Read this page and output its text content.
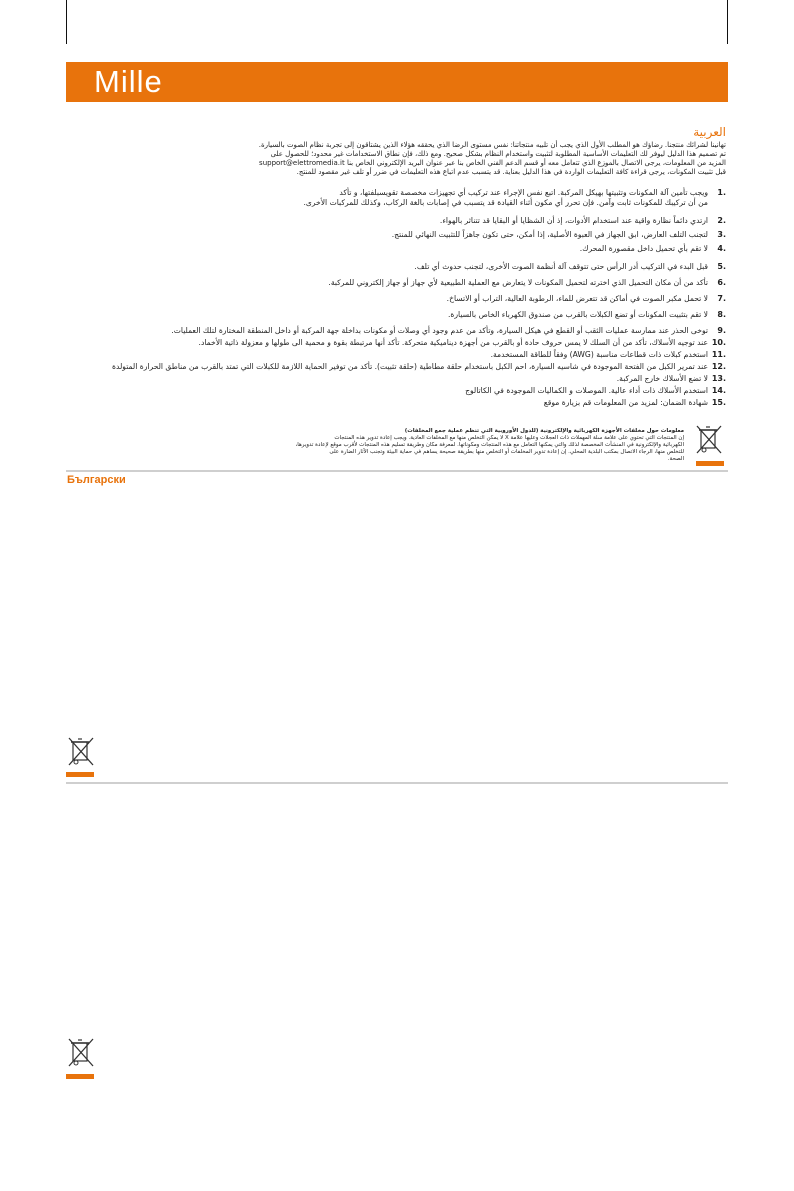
Mille
العربية
تهانينا لشرائك منتجنا. رضاؤك هو المطلب الأول الذي يجب أن تلبيه منتجاتنا: نفس مستوى الرضا الذي يحققه هؤلاء الذين يشتاقون إلى تجربة نظام الصوت بالسيارة.
تم تصميم هذا الدليل ليوفر لك التعليمات الأساسية المطلوبة لتثبيت واستخدام النظام بشكل صحيح. ومع ذلك، فإن نطاق الاستخدامات غير محدود؛ للحصول على
المزيد من المعلومات، يرجى الاتصال بالموزع الذي تتعامل معه أو قسم الدعم الفني الخاص بنا عبر عنوان البريد الإلكتروني الخاص بنا support@elettromedia.it
قبل تثبيت المكونات، يرجى قراءة كافة التعليمات الواردة في هذا الدليل بعناية. قد يتسبب عدم اتباع هذه التعليمات في ضرر أو تلف غير مقصود للمنتج.
1.
ويجب تأمين آلة المكونات وتثبيتها بهيكل المركبة. اتبع نفس الإجراء عند تركيب أي تجهيزات مخصصة تقويسبلفتها، و تأكد
من أن تركيبك للمكونات ثابت وآمن. فإن تحرر أي مكون أثناء القيادة قد يتسبب في إصابات بالغة الركاب، وكذلك للمركبات الأخرى.
2.
ارتدي دائماً نظارة واقية عند استخدام الأدوات، إذ أن الشظايا أو البقايا قد تتناثر بالهواء.
3.
لتجنب التلف العارض، ابق الجهاز في العبوة الأصلية، إذا أمكن، حتى تكون جاهزاً للتثبيت النهائي للمنتج.
4.
لا تقم بأي تحميل داخل مقصورة المحرك.
5.
قبل البدء في التركيب أدر الرأس حتى تتوقف آلة أنظمة الصوت الأخرى، لتجنب حدوث أي تلف.
6.
تأكد من أن مكان التحميل الذي اخترته لتحميل المكونات لا يتعارض مع العملية الطبيعية لأي جهاز أو جهاز إلكتروني للمركبة.
7.
لا تحمل مكبر الصوت في أماكن قد تتعرض للماء، الرطوبة العالية، التراب أو الاتساخ.
8.
لا تقم بتثبيت المكونات أو تضع الكبلات بالقرب من صندوق الكهرباء الخاص بالسيارة.
9.
توخى الحذر عند ممارسة عمليات الثقب أو القطع في هيكل السيارة، وتأكد من عدم وجود أي وصلات أو مكونات بداخلة جهة المركبة أو داخل المنطقة المختارة لتلك العمليات.
10.
عند توجيه الأسلاك، تأكد من أن السلك لا يمس حروف حادة أو بالقرب من أجهزة ديناميكية متحركة. تأكد أنها مرتبطة بقوة و محمية الى طولها و معزولة ذاتية الأخماد.
11.
استخدم كبلات ذات قطاعات مناسبة (AWG) وفقاً للطاقة المستخدمة.
12.
عند تمرير الكبل من الفتحة الموجودة في شاسيه السيارة، احم الكبل باستخدام حلقة مطاطية (حلقة تثبيت). تأكد من توفير الحماية اللازمة للكبلات التي تمتد بالقرب من مناطق الحرارة المتولدة
13.
لا تضع الأسلاك خارج المركبة.
14.
استخدم الأسلاك ذات أداء عالية. الموصلات و الكماليات الموجودة في الكاتالوج
15.
شهادة الضمان: لمزيد من المعلومات قم بزيارة موقع
معلومات حول مخلفات الأجهزة الكهربائية والإلكترونية (للدول الأوروبية التي تنظم عملية جمع المخلفات)
إن المنتجات التي تحتوي على علامة سلة المهملات ذات العجلات وعليها علامة X لا يمكن التخلص منها مع المخلفات العادية. ويجب إعادة تدوير هذه المنتجات
الكهربائية والإلكترونية في المنشآت المخصصة لذلك والتي يمكنها التعامل مع هذه المنتجات ومكوناتها. لمعرفة مكان وطريقة تسليم هذه المنتجات لأقرب موقع لإعادة تدويرها،
للتخلص منها، الرجاء الاتصال بمكتب البلدية المحلي. إن إعادة تدوير المخلفات أو التخلص منها بطريقة صحيحة يساهم في حماية البيئة وتجنب الآثار الضارة على
الصحة.
Български
